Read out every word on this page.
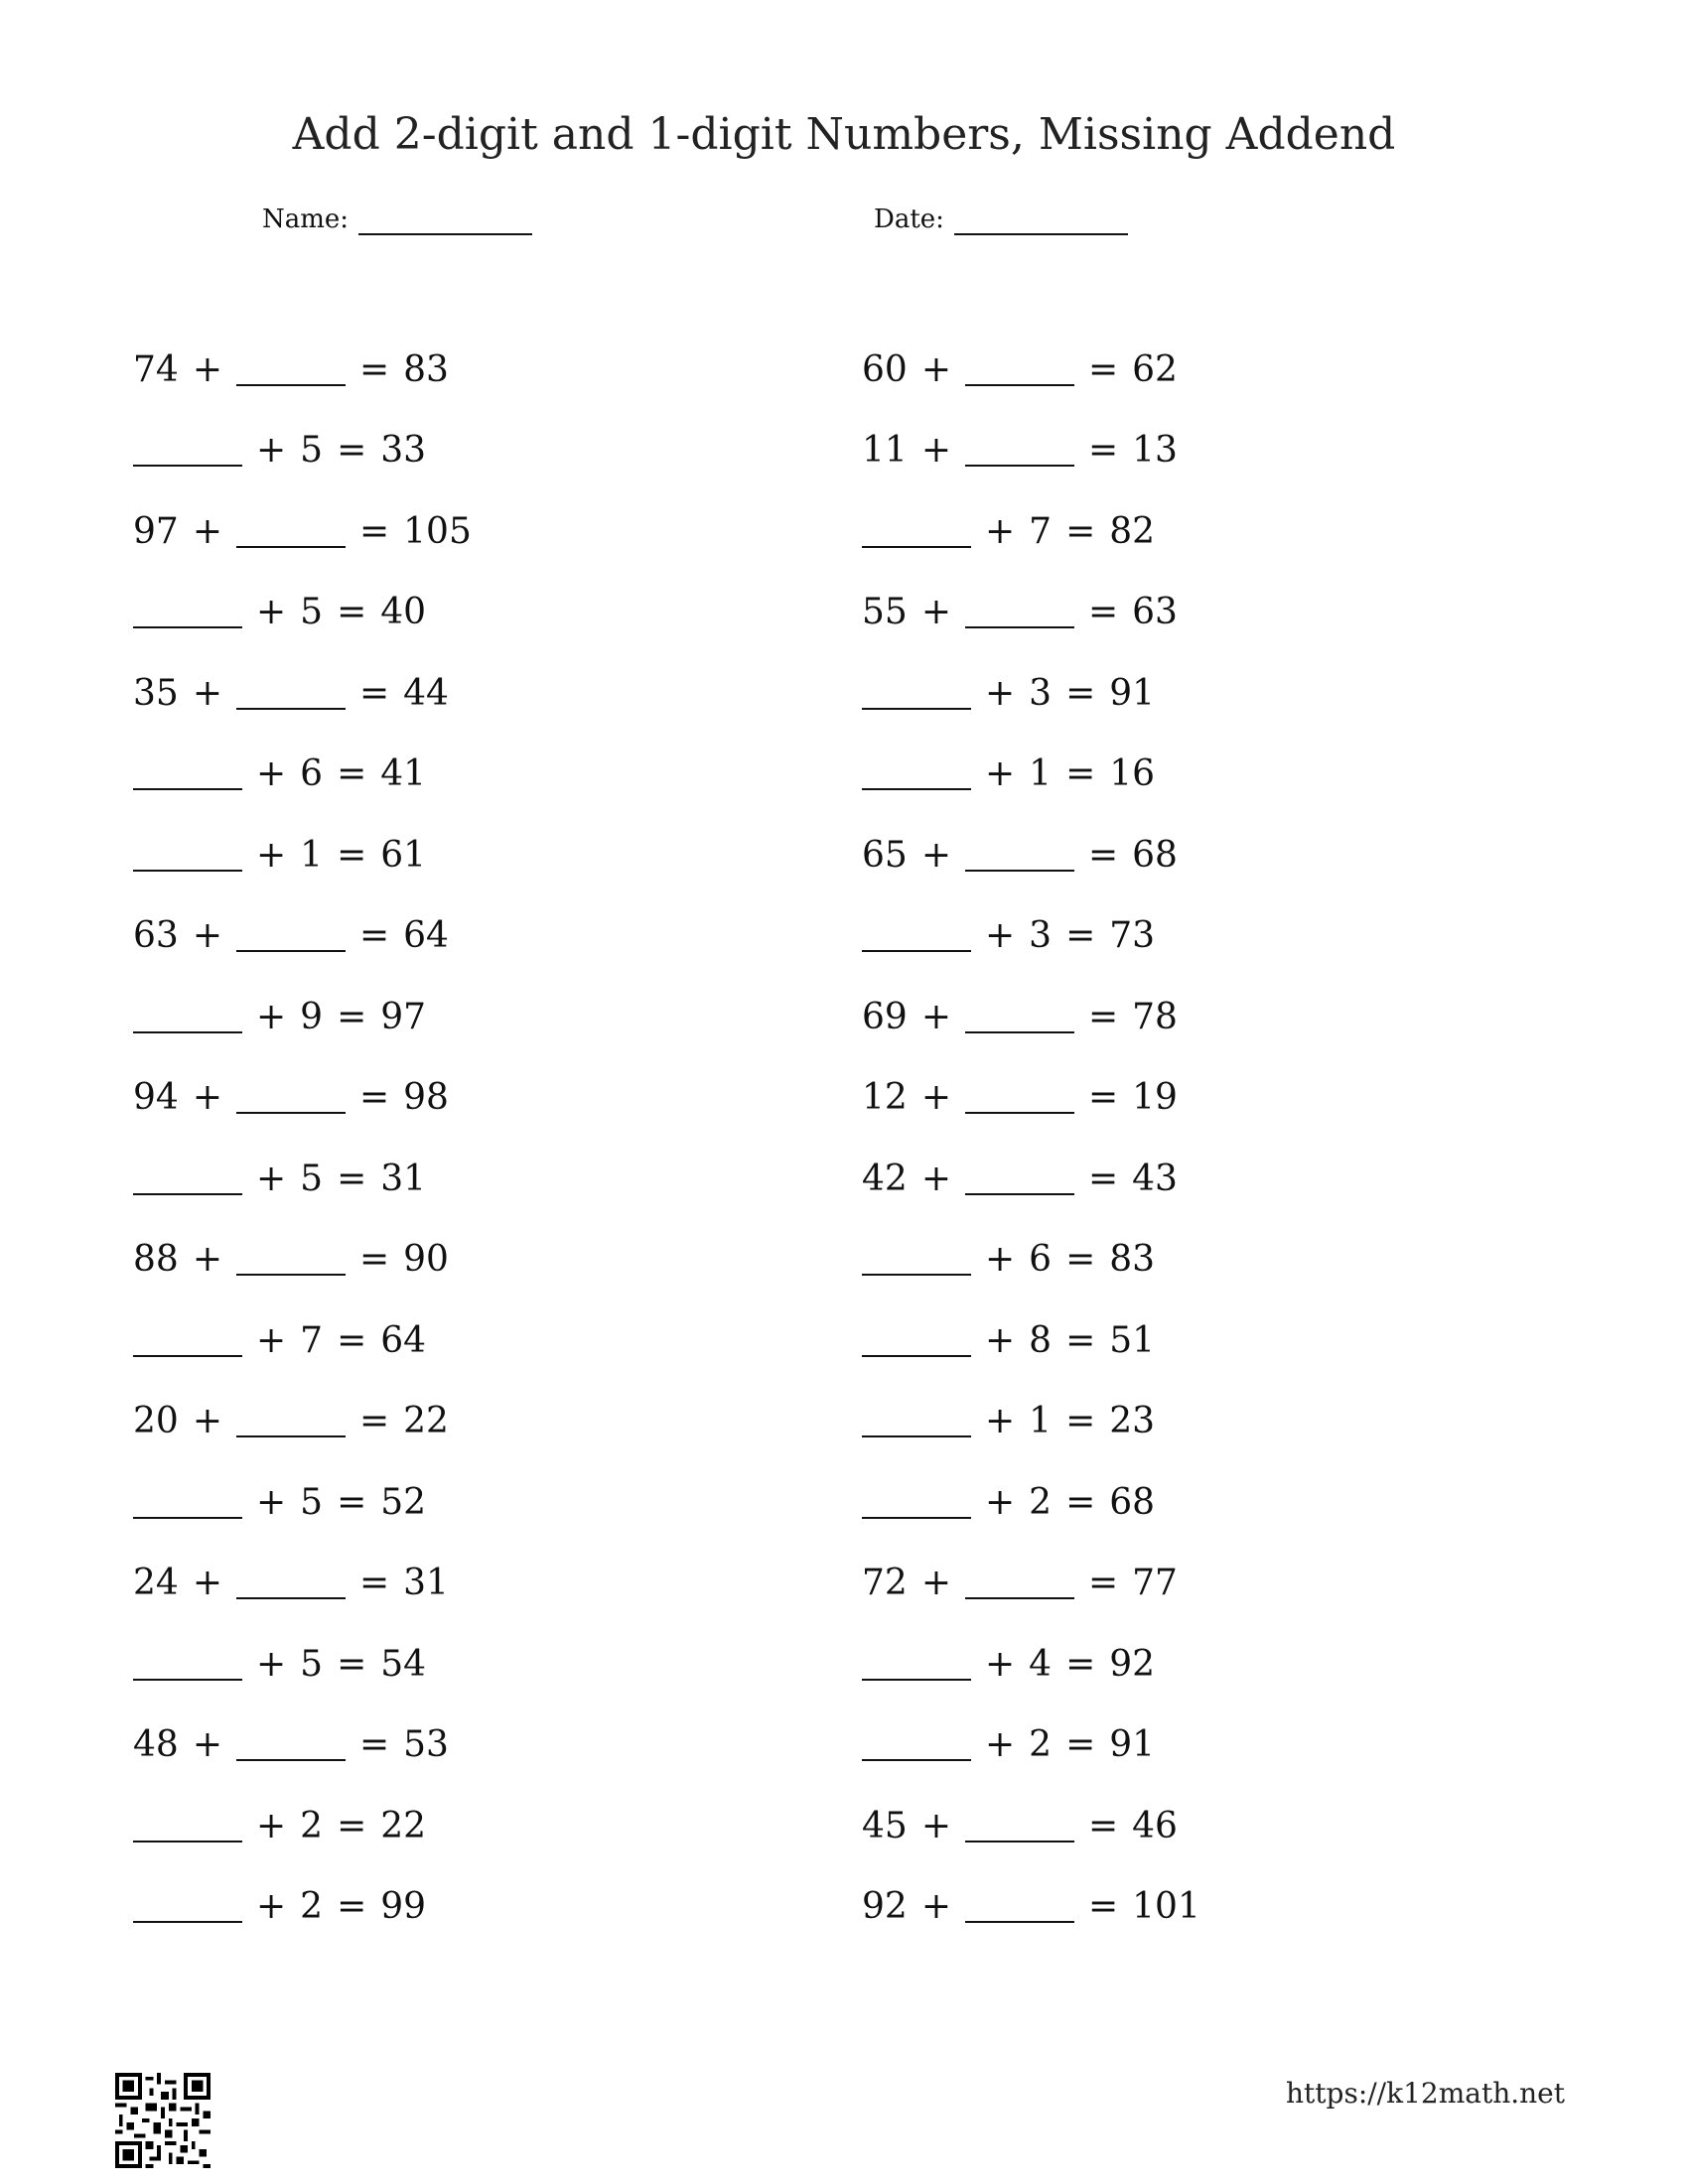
Add 2-digit and 1-digit Numbers, Missing Addend
Name:	Date:
74 +	= 83
+ 5 = 33
97 +	= 105
+ 5 = 40
35 +	= 44
+ 6 = 41
+ 1 = 61
63 +	= 64
+ 9 = 97
94 +	= 98
+ 5 = 31
88 +	= 90
+ 7 = 64
20 +	= 22
+ 5 = 52
24 +	= 31
+ 5 = 54
48 +	= 53
+ 2 = 22
+ 2 = 99
60 +	= 62
11 +	= 13
+ 7 = 82
55 +	= 63
+ 3 = 91
+ 1 = 16
65 +	= 68
+ 3 = 73
69 +	= 78
12 +	= 19
42 +	= 43
+ 6 = 83
+ 8 = 51
+ 1 = 23
+ 2 = 68
72 +	= 77
+ 4 = 92
+ 2 = 91
45 +	= 46
92 +	= 101
https://k12math.net
